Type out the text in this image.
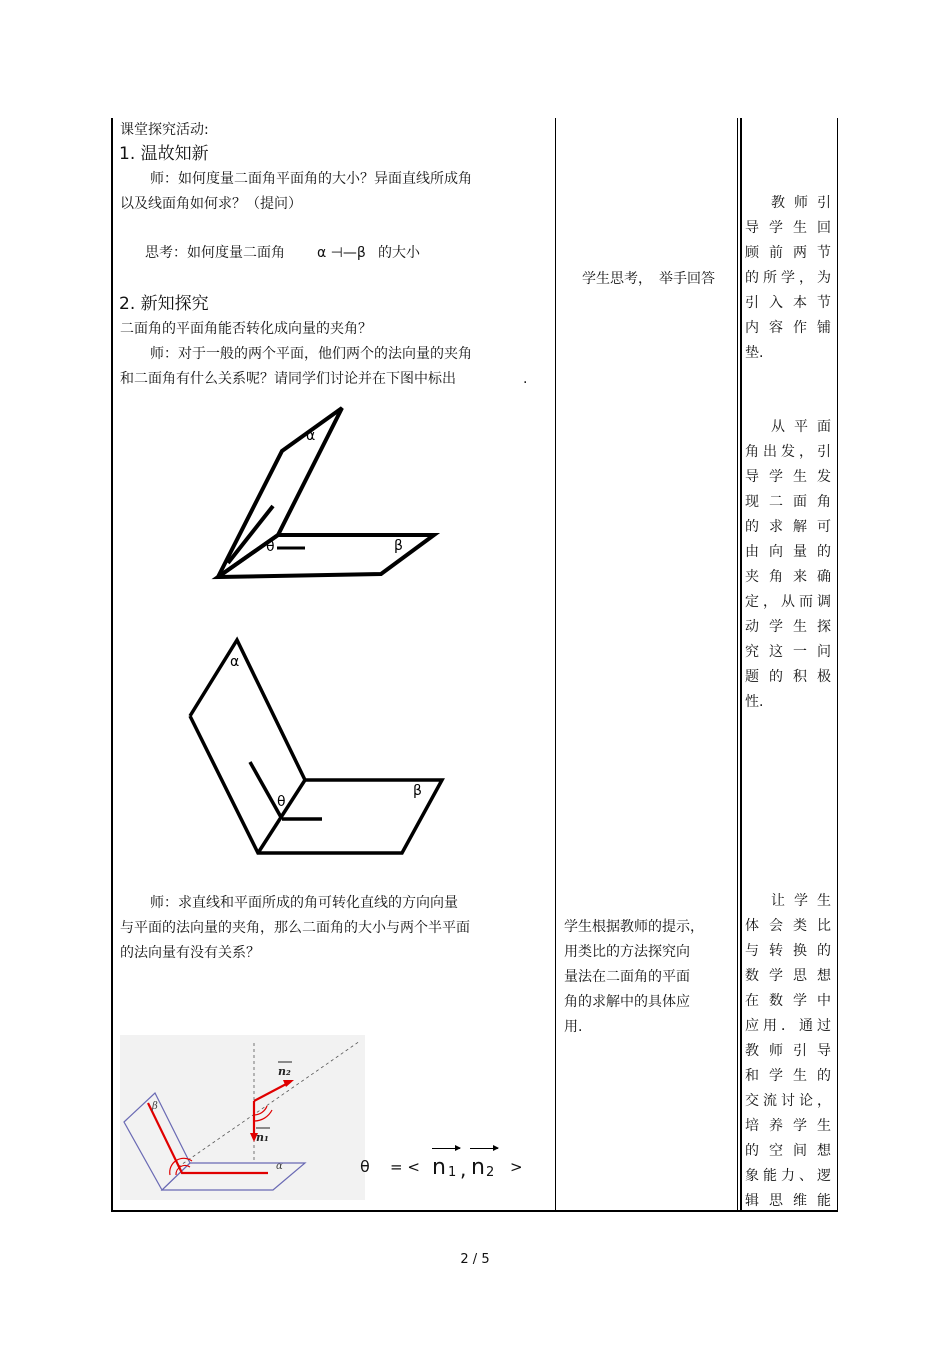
课堂探究活动:
1. 温故知新
师：如何度量二面角平面角的大小？异面直线所成角
以及线面角如何求？（提问）
思考：如何度量二面角 α ⊣—β 的大小
2. 新知探究
二面角的平面角能否转化成向量的夹角？
师：对于一般的两个平面，他们两个的法向量的夹角
和二面角有什么关系呢？请同学们讨论并在下图中标出	.
α
θ	β
α
θ
β
师：求直线和平面所成的角可转化直线的方向向量
与平面的法向量的夹角，那么二面角的大小与两个半平面
的法向量有没有关系？
β
α
n₂
n₁
θ = < n 1 , n 2 >
学生思考，　举手回答
学生根据教师的提示，
用类比的方法探究向
量法在二面角的平面
角的求解中的具体应
用.
教 师 引
导 学 生 回
顾 前 两 节
的所学，为
引 入 本 节
内 容 作 铺
垫.
从 平 面
角出发，引
导 学 生 发
现 二 面 角
的 求 解 可
由 向 量 的
夹 角 来 确
定，从而调
动 学 生 探
究 这 一 问
题 的 积 极
性.
让 学 生
体 会 类 比
与 转 换 的
数 学 思 想
在 数 学 中
应用．通过
教 师 引 导
和 学 生 的
交流讨论，
培 养 学 生
的 空 间 想
象能力、逻
辑 思 维 能
2 / 5
